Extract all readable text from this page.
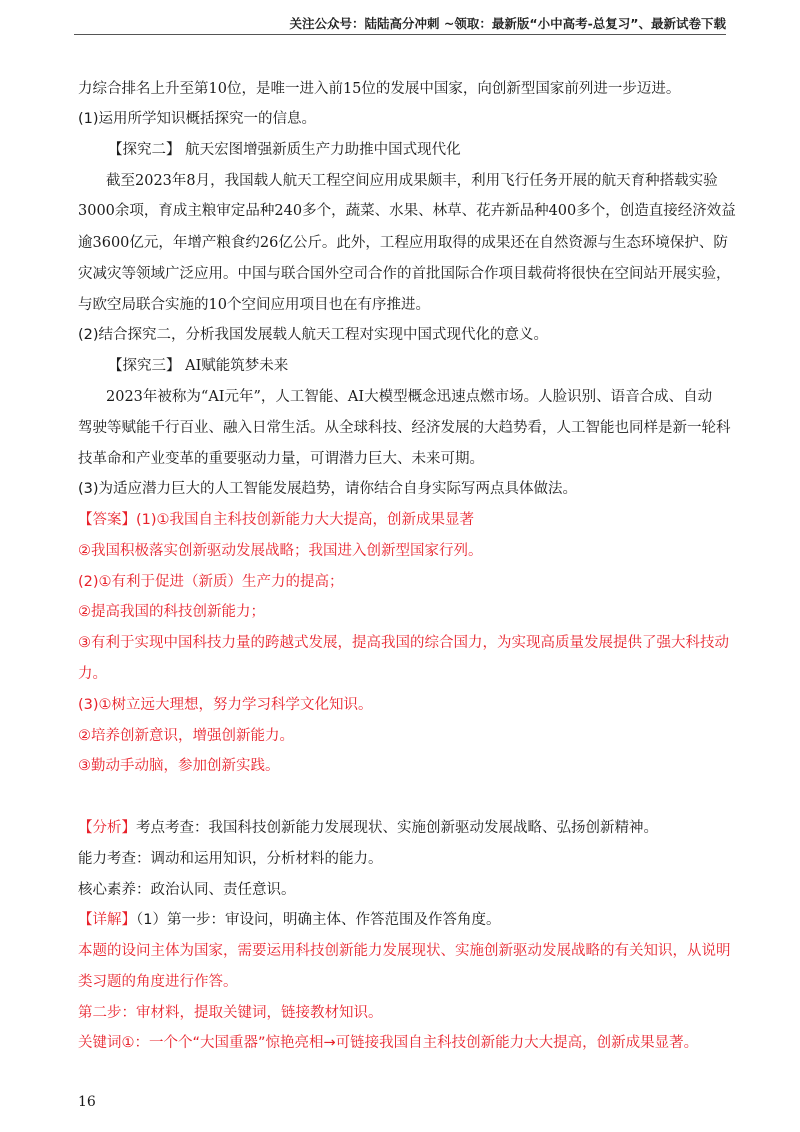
关注公众号：陆陆高分冲刺 ~领取：最新版“小中高考-总复习”、最新试卷下载
力综合排名上升至第10位，是唯一进入前15位的发展中国家，向创新型国家前列进一步迈进。
(1)运用所学知识概括探究一的信息。
【探究二】 航天宏图增强新质生产力助推中国式现代化
截至2023年8月，我国载人航天工程空间应用成果颇丰，利用飞行任务开展的航天育种搭载实验
3000余项，育成主粮审定品种240多个，蔬菜、水果、林草、花卉新品种400多个，创造直接经济效益
逾3600亿元，年增产粮食约26亿公斤。此外，工程应用取得的成果还在自然资源与生态环境保护、防
灾减灾等领域广泛应用。中国与联合国外空司合作的首批国际合作项目载荷将很快在空间站开展实验，
与欧空局联合实施的10个空间应用项目也在有序推进。
(2)结合探究二，分析我国发展载人航天工程对实现中国式现代化的意义。
【探究三】 AI赋能筑梦未来
2023年被称为“AI元年”，人工智能、AI大模型概念迅速点燃市场。人脸识别、语音合成、自动
驾驶等赋能千行百业、融入日常生活。从全球科技、经济发展的大趋势看，人工智能也同样是新一轮科
技革命和产业变革的重要驱动力量，可谓潜力巨大、未来可期。
(3)为适应潜力巨大的人工智能发展趋势，请你结合自身实际写两点具体做法。
【答案】(1)①我国自主科技创新能力大大提高，创新成果显著
②我国积极落实创新驱动发展战略；我国进入创新型国家行列。
(2)①有利于促进（新质）生产力的提高；
②提高我国的科技创新能力；
③有利于实现中国科技力量的跨越式发展，提高我国的综合国力，为实现高质量发展提供了强大科技动
力。
(3)①树立远大理想，努力学习科学文化知识。
②培养创新意识，增强创新能力。
③勤动手动脑，参加创新实践。
【分析】考点考查：我国科技创新能力发展现状、实施创新驱动发展战略、弘扬创新精神。
能力考查：调动和运用知识，分析材料的能力。
核心素养：政治认同、责任意识。
【详解】（1）第一步：审设问，明确主体、作答范围及作答角度。
本题的设问主体为国家，需要运用科技创新能力发展现状、实施创新驱动发展战略的有关知识，从说明
类习题的角度进行作答。
第二步：审材料，提取关键词，链接教材知识。
关键词①：一个个“大国重器”惊艳亮相→可链接我国自主科技创新能力大大提高，创新成果显著。
16
